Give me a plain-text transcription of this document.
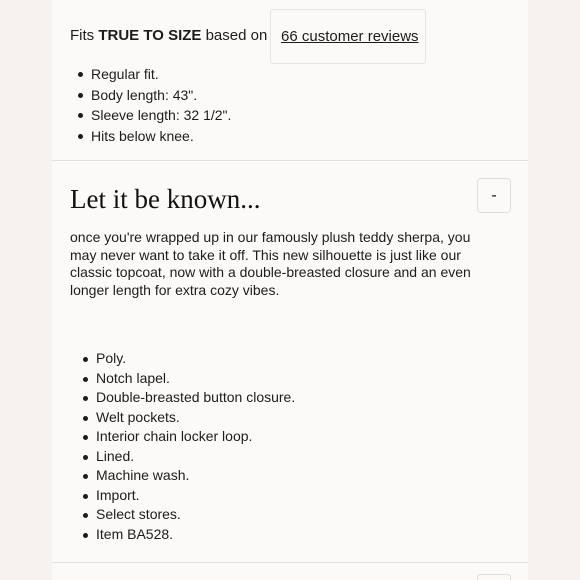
Fits TRUE TO SIZE based on 66 customer reviews
Regular fit.
Body length: 43".
Sleeve length: 32 1/2".
Hits below knee.
Let it be known...	-
once you're wrapped up in our famously plush teddy sherpa, you may never want to take it off. This new silhouette is just like our classic topcoat, now with a double-breasted closure and an even longer length for extra cozy vibes.
Poly.
Notch lapel.
Double-breasted button closure.
Welt pockets.
Interior chain locker loop.
Lined.
Machine wash.
Import.
Select stores.
Item BA528.
